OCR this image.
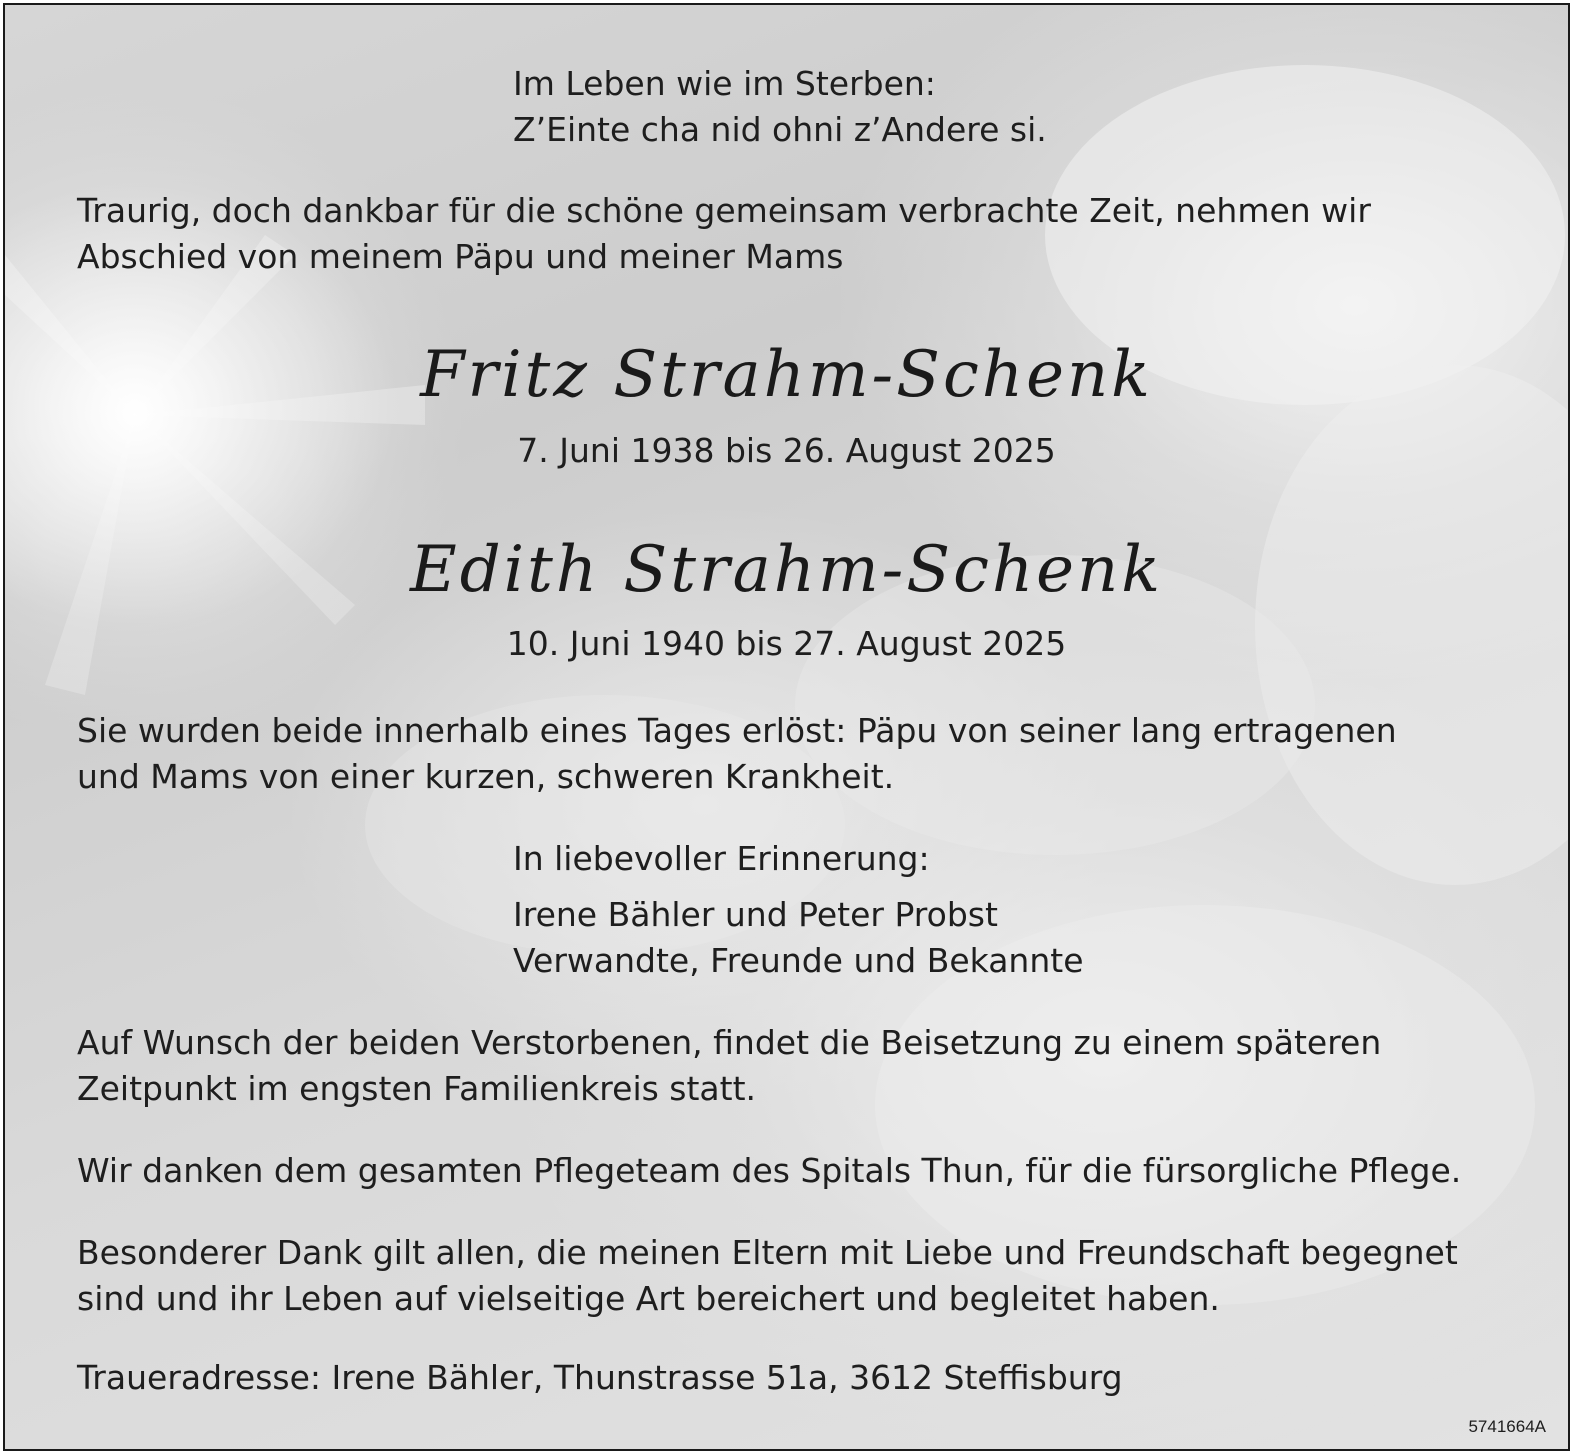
Im Leben wie im Sterben:
Z’Einte cha nid ohni z’Andere si.
Traurig, doch dankbar für die schöne gemeinsam verbrachte Zeit, nehmen wir
Abschied von meinem Päpu und meiner Mams
Fritz Strahm-Schenk
7. Juni 1938 bis 26. August 2025
Edith Strahm-Schenk
10. Juni 1940 bis 27. August 2025
Sie wurden beide innerhalb eines Tages erlöst: Päpu von seiner lang ertragenen
und Mams von einer kurzen, schweren Krankheit.
In liebevoller Erinnerung:
Irene Bähler und Peter Probst
Verwandte, Freunde und Bekannte
Auf Wunsch der beiden Verstorbenen, findet die Beisetzung zu einem späteren
Zeitpunkt im engsten Familienkreis statt.
Wir danken dem gesamten Pflegeteam des Spitals Thun, für die fürsorgliche Pflege.
Besonderer Dank gilt allen, die meinen Eltern mit Liebe und Freundschaft begegnet
sind und ihr Leben auf vielseitige Art bereichert und begleitet haben.
Traueradresse: Irene Bähler, Thunstrasse 51a, 3612 Steffisburg
5741664A
